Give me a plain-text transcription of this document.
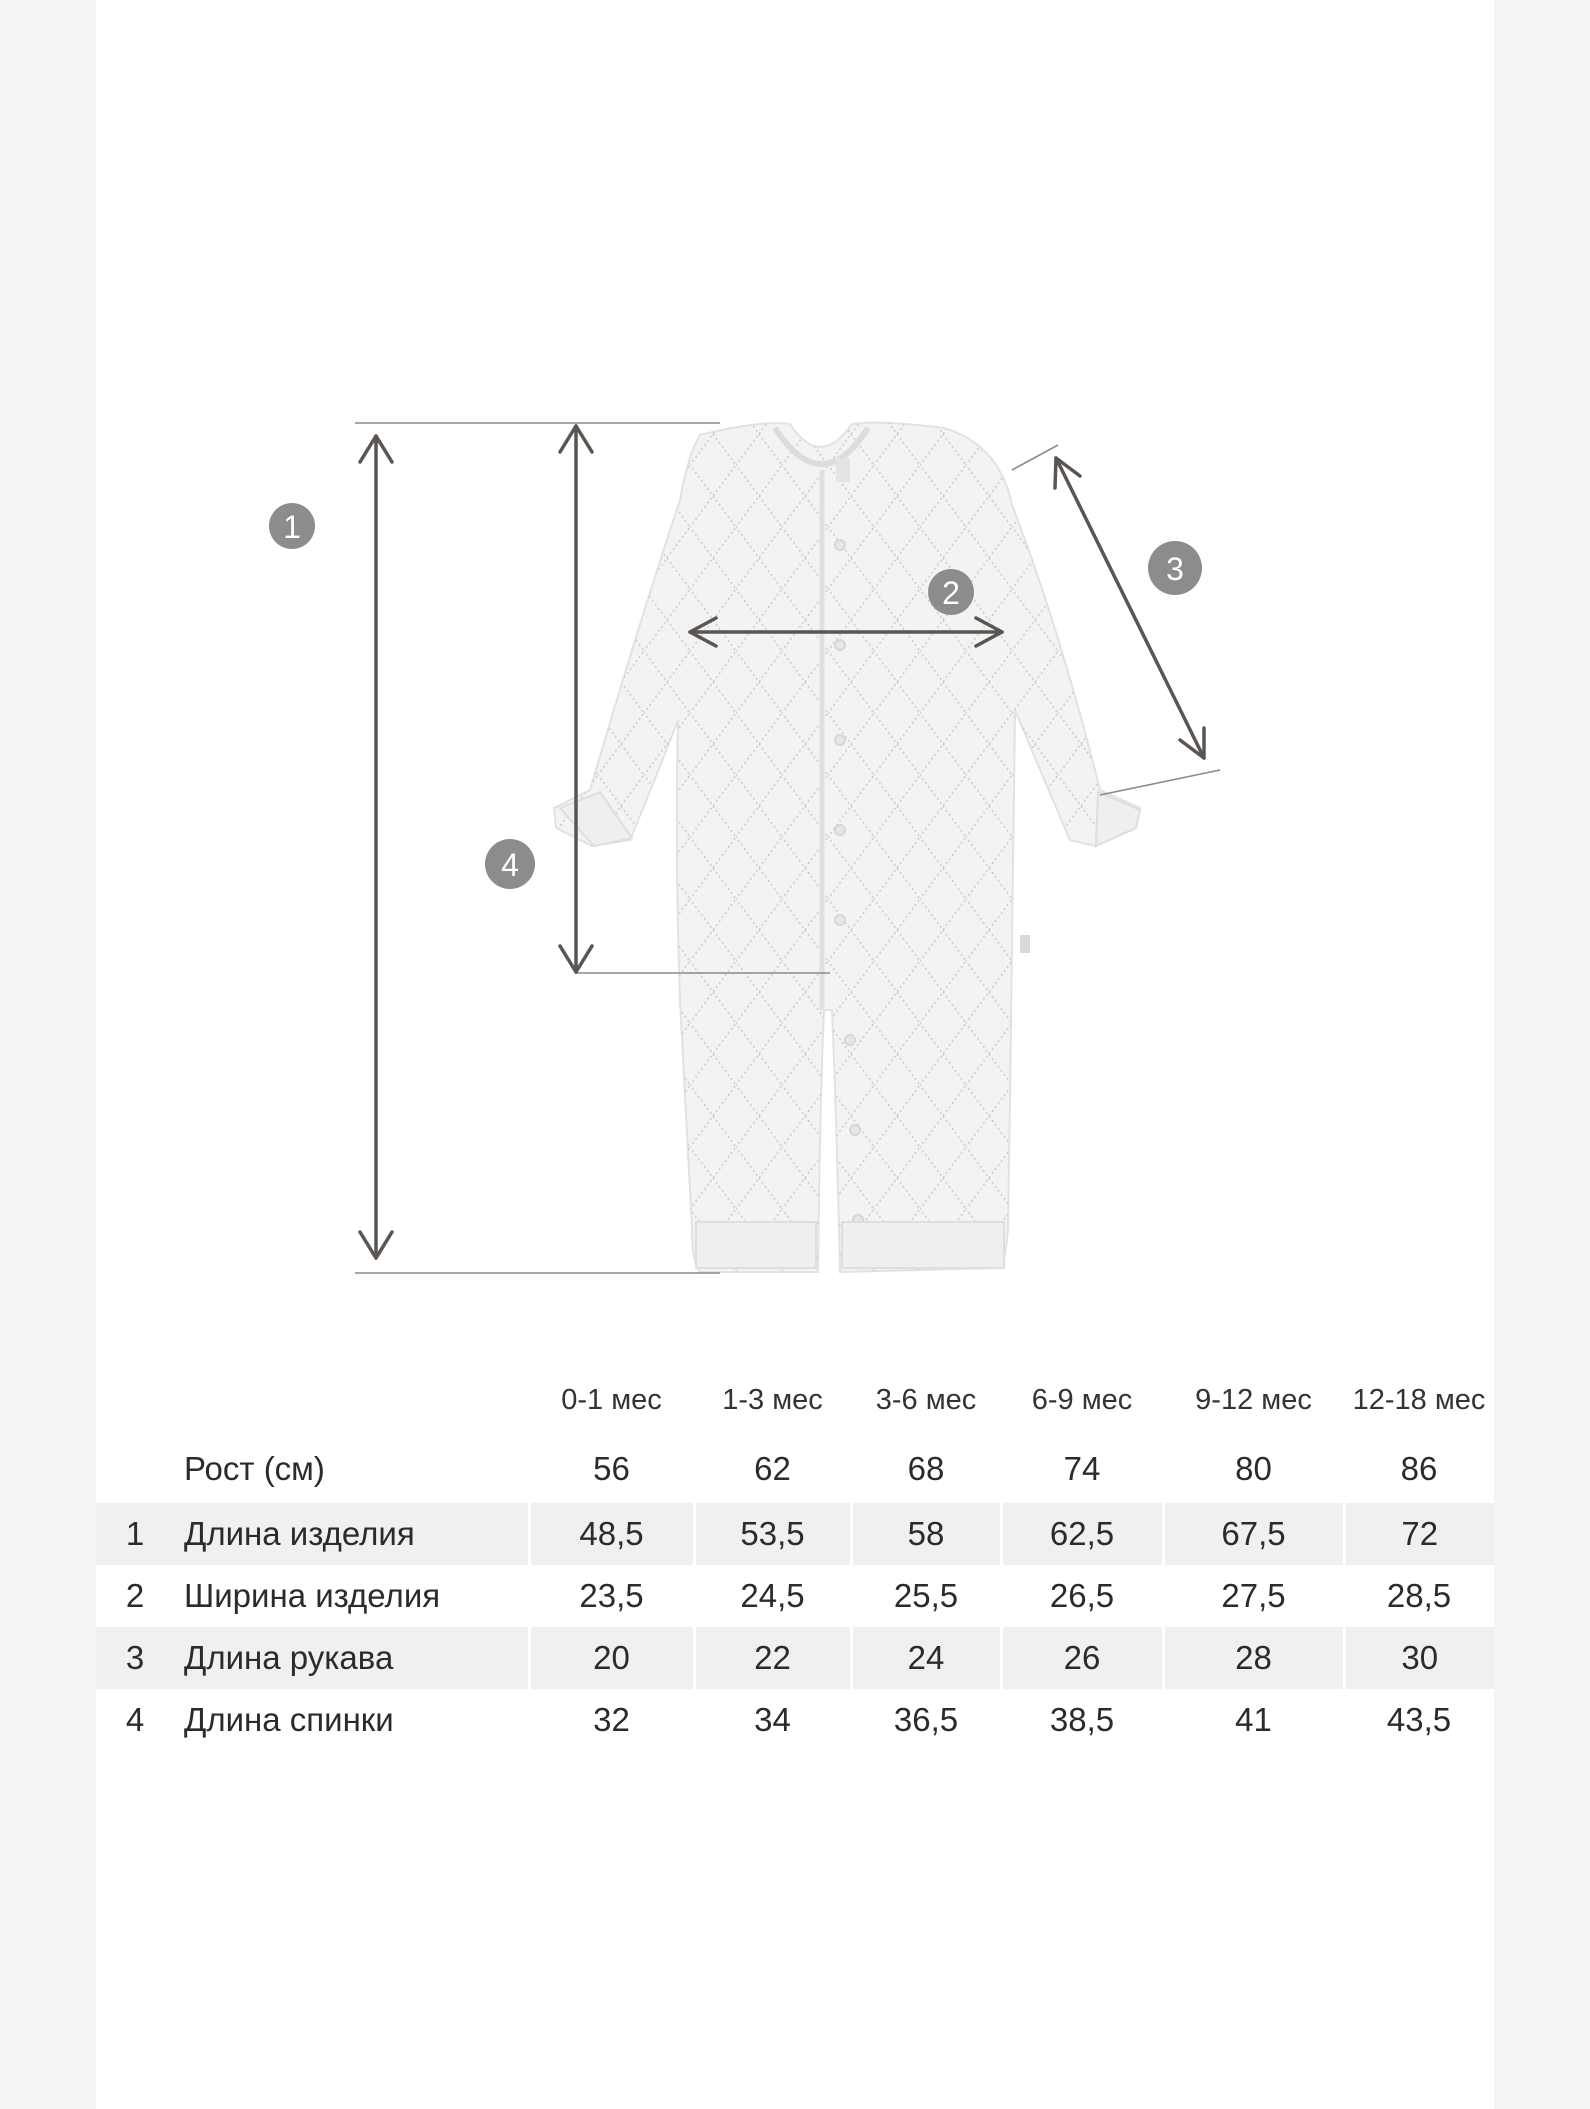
1
2
3
4
		0-1 мес	1-3 мес	3-6 мес	6-9 мес	9-12 мес	12-18 мес
	Рост (см)	56	62	68	74	80	86
1	Длина изделия	48,5	53,5	58	62,5	67,5	72
2	Ширина изделия	23,5	24,5	25,5	26,5	27,5	28,5
3	Длина рукава	20	22	24	26	28	30
4	Длина спинки	32	34	36,5	38,5	41	43,5
